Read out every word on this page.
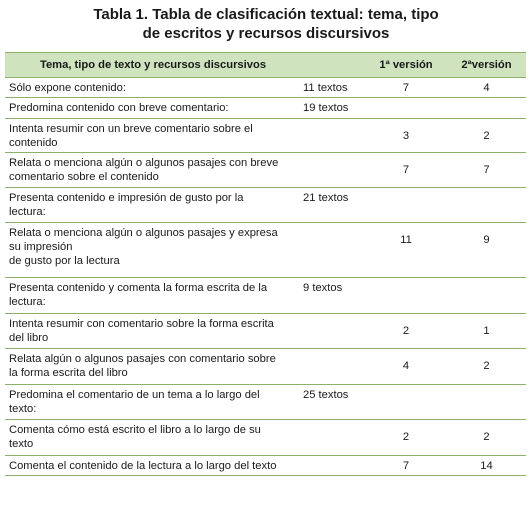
Tabla 1. Tabla de clasificación textual: tema, tipo
de escritos y recursos discursivos
Tema, tipo de texto y recursos discursivos		1ª versión	2ªversión
Sólo expone contenido:	11 textos	7	4
Predomina contenido con breve comentario:	19 textos		
Intenta resumir con un breve comentario sobre el
contenido		3	2
Relata o menciona algún o algunos pasajes con breve
comentario sobre el contenido		7	7
Presenta contenido e impresión de gusto por la
lectura:	21 textos		
Relata o menciona algún o algunos pasajes y expresa
su impresión
de gusto por la lectura		11	9
Presenta contenido y comenta la forma escrita de la
lectura:	9 textos		
Intenta resumir con comentario sobre la forma escrita
del libro		2	1
Relata algún o algunos pasajes con comentario sobre
la forma escrita del libro		4	2
Predomina el comentario de un tema a lo largo del
texto:	25 textos		
Comenta cómo está escrito el libro a lo largo de su
texto		2	2
Comenta el contenido de la lectura a lo largo del texto		7	14
